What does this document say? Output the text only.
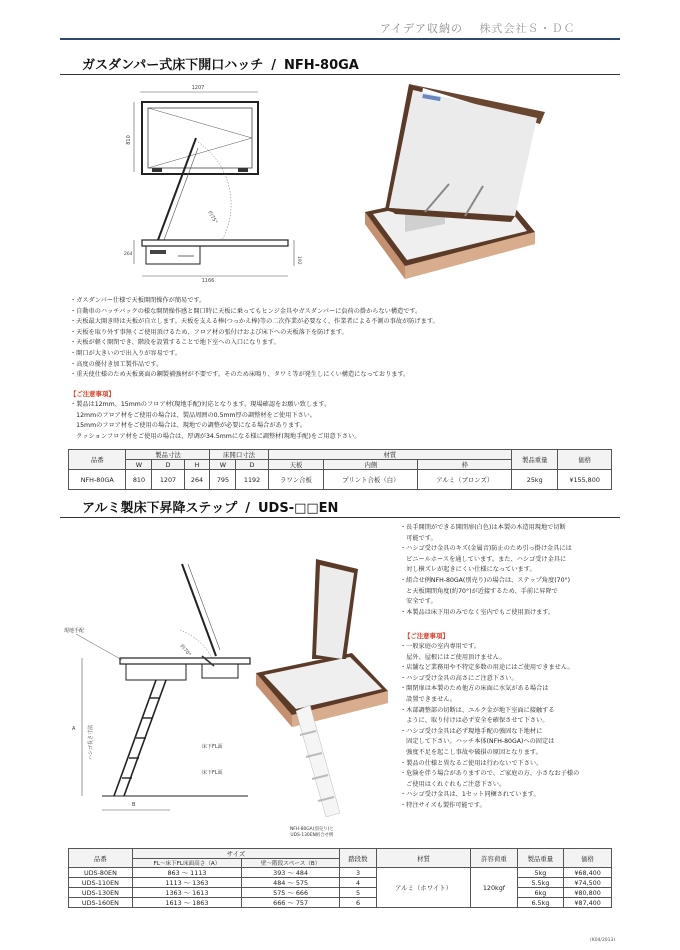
アイデア収納の 株式会社Ｓ・ＤＣ
ガスダンパー式床下開口ハッチ / NFH-80GA
1207
810
約75°
264
192
1166
・ガスダンパー仕様で天板開閉操作が簡易です。
・自動車のハッチバックの様な開閉操作感と開口時に天板に乗ってもヒンジ金具やガスダンパーに負荷の掛からない構造です。
・天板最大開き時は天板が自立します。天板を支える棒(つっかえ棒)等の二次作業が必要なく、作業者による不測の事故が防げます。
・天板を取り外す事無くご使用頂けるため、フロア材の張付けおよび床下への天板落下を防げます。
・天板が軽く開閉でき、階段を設置することで地下室への入口になります。
・開口が大きいので出入りが容易です。
・高度の優付き加工製作品です。
・重天使仕様のため天板裏面の鋼製補強材が不要です。そのため床鳴り、タワミ等が発生しにくい構造になっております。
【ご注意事項】
・製品は12mm、15mmのフロア材(現地手配)対応となります。現場確認をお願い致します。
　12mmのフロア材をご使用の場合は、製品周囲の0.5mm厚の調整材をご使用下さい。
　15mmのフロア材をご使用の場合は、現地での調整が必要になる場合があります。
　クッションフロア材をご使用の場合は、厚调が34.5mmになる様に調整材(現地手配)をご用意下さい。
品番	製品寸法			床開口寸法		材質			製品重量	価格
	W	D	H	W	D	天板	内側	枠		
NFH-80GA	810	1207	264	795	1192	ラワン合板	プリント合板（白）	アルミ（ブロンズ）	25kg	¥155,800
アルミ製床下昇降ステップ / UDS-□□EN
約70°
現地手配
A	ハシゴ長さ寸法
B
床下FL面
床下FL面
NFH-80GA(別売り)と
UDS-130EN組合せ例
・長手開閉ができる開閉扉(白色)は本製の木造用現地で切断
　可能です。
・ハシゴ受け金具のキズ(金属音)防止のため引っ掛け金具には
　ビニールホースを通しています。また、ハシゴ受け金具に
　対し横ズレが起きにくい仕様になっています。
・組合せ例NFH-80GA(別売り)の場合は、ステップ角度(70°)
　と天板開閉角度(約70°)が近接するため、手前に昇降で
　安全です。
・本製品は床下用のみでなく室内でもご使用頂けます。
【ご注意事項】
・一般家庭の室内専用です。
　屋外、屋根にはご使用頂けません。
・店舗など業務用や不特定多数の用途にはご使用できません。
・ハシゴ受け金具の高さにご注意下さい。
・開閉扉は本製のため他方の床面に水気がある場合は
　設置できません。
・木部調整部の切断は、ユルク金が地下室面に接触する
　ように、取り付けは必ず安全を確保させて下さい。
・ハシゴ受け金具は必ず現地手配の強固な下地材に
　固定して下さい。ハッチ本体(NFH-80GA)への固定は
　強度不足を起こし事故や破損の原因となります。
・製品の仕様と異なるご使用は行わないで下さい。
・危険を伴う場合がありますので、ご家庭の方、小さなお子様の
　ご使用はくれぐれもご注意下さい。
・ハシゴ受け金具は、1セット同梱されています。
・特注サイズも製作可能です。
品番	サイズ		踏段数	材質	許容荷重	製品重量	価格
	FL～床下FL床面高さ（A）	壁～階段スペース（B）					
UDS-80EN	863 ～ 1113	393 ～ 484	3	アルミ（ホワイト）	120kgf	5kg	¥68,400
UDS-110EN	1113 ～ 1363	484 ～ 575	4			5.5kg	¥74,500
UDS-130EN	1363 ～ 1613	575 ～ 666	5			6kg	¥80,800
UDS-160EN	1613 ～ 1863	666 ～ 757	6			6.5kg	¥87,400
(K04/2013)
